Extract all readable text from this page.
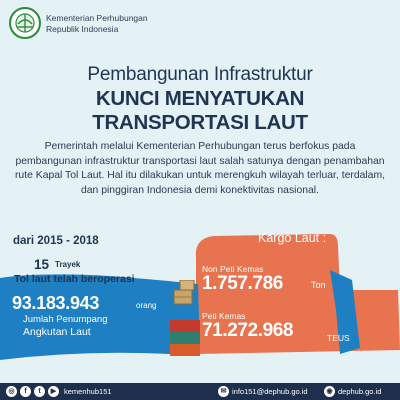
Kementerian Perhubungan
Republik Indonesia
Pembangunan Infrastruktur
KUNCI MENYATUKAN
TRANSPORTASI LAUT
Pemerintah melalui Kementerian Perhubungan terus berfokus pada pembangunan infrastruktur transportasi laut salah satunya dengan penambahan rute Kapal Tol Laut. Hal itu dilakukan untuk merengkuh wilayah terluar, terdalam, dan pinggiran Indonesia demi konektivitas nasional.
dari 2015 - 2018
15 Trayek
Tol laut telah beroperasi
93.183.943	orang
Jumlah Penumpang
Angkutan Laut
Kargo Laut :
Non Peti Kemas
1.757.786	Ton
Peti Kemas
71.272.968	TEUS
◎	f	t	▶	kemenhub151	✉ info151@dephub.go.id	◉ dephub.go.id
